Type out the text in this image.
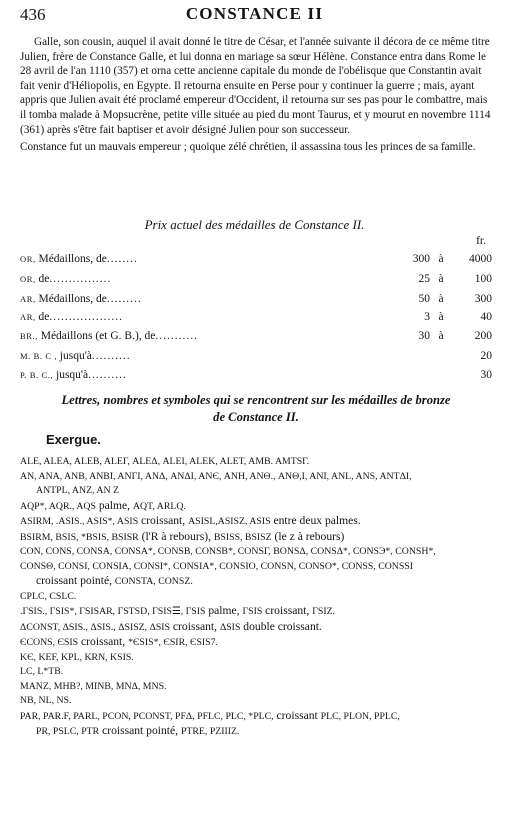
436	CONSTANCE II

Galle, son cousin, auquel il avait donné le titre de César, et l'année suivante il décora de ce même titre Julien, frère de Constance Galle, et lui donna en mariage sa sœur Hélène. Constance entra dans Rome le 28 avril de l'an 1110 (357) et orna cette ancienne capitale du monde de l'obélisque que Constantin avait fait venir d'Héliopolis, en Egypte. Il retourna ensuite en Perse pour y continuer la guerre ; mais, ayant appris que Julien avait été proclamé empereur d'Occident, il retourna sur ses pas pour le combattre, mais il tomba malade à Mopsucrène, petite ville située au pied du mont Taurus, et y mourut en novembre 1114 (361) après s'être fait baptiser et avoir désigné Julien pour son successeur.

Constance fut un mauvais empereur ; quoique zélé chrétien, il assassina tous les princes de sa famille.

Prix actuel des médailles de Constance II.
fr.
OR, Médaillons, de........	300 à	4000
OR, de................	25 à	100
AR, Médaillons, de.........	50 à	300
AR, de...................	3 à	40
BR., Médaillons (et G. B.), de...........	30 à	200
M. B. C , jusqu'à..........	20
P. B. C., jusqu'à..........	30
Lettres, nombres et symboles qui se rencontrent sur les médailles de bronze
de Constance II.
Exergue.
ALE, ALEA, ALEB, ALEΓ, ALEΔ, ALEI, ALEK, ALET, AMB. AMTSΓ.
AN, ANA, ANB, ANBI, ANΓI, ANΔ, ANΔI, ANЄ, ANH, ANΘ., ANΘ,I, ANI, ANL, ANS, ANTΔI,
ANTPL, ANZ, AN Z
AQP*, AQR., AQS palme, AQT, ARLQ.
ASIRM, .ASIS., ASIS*, ASIS croissant, ASISL,ASISZ, ASIS entre deux palmes.
BSIRM, BSIS, *BSIS, BSISR (l'R à rebours), BSISS, BSISZ (le z à rebours)
CON, CONS, CONSA, CONSA*, CONSB, CONSB*, CONSΓ, BONSΔ, CONSΔ*, CONSЭ*, CONSH*,
CONSΘ, CONSI, CONSIA, CONSI*, CONSIA*, CONSIO, CONSN, CONSO*, CONSS, CONSSI
croissant pointé, CONSTA, CONSZ.
CPLC, CSLC.
.ΓSIS., ΓSIS*, ΓSISAR, ΓSTSD, ΓSIS☰, ΓSIS palme, ΓSIS croissant, ΓSIZ.
ΔCONST, ΔSIS., ΔSIS., ΔSISZ, ΔSIS croissant, ΔSIS double croissant.
ЄCONS, ЄSIS croissant, *ЄSIS*, ЄSIR, ЄSIS7.
KЄ, KEF, KPL, KRN, KSIS.
LC, L*TB.
MANZ, MHB?, MINB, MNΔ, MNS.
NB, NL, NS.
PAR, PAR.F, PARL, PCON, PCONST, PFΔ, PFLC, PLC, *PLC, croissant PLC, PLON, PPLC,
PR, PSLC, PTR croissant pointé, PTRE, PZIIIZ.
